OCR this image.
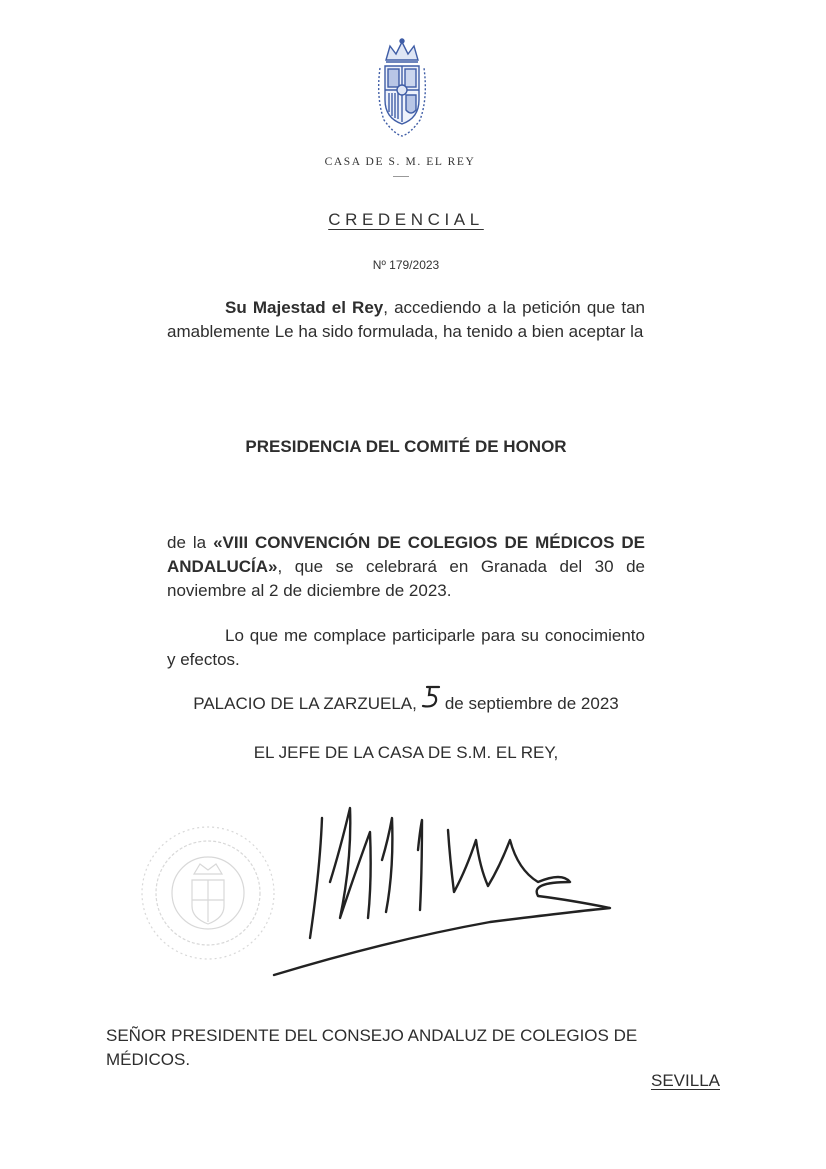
CASA DE S. M. EL REY
CREDENCIAL
Nº 179/2023
Su Majestad el Rey, accediendo a la petición que tan amablemente Le ha sido formulada, ha tenido a bien aceptar la
PRESIDENCIA DEL COMITÉ DE HONOR
de la «VIII CONVENCIÓN DE COLEGIOS DE MÉDICOS DE ANDALUCÍA», que se celebrará en Granada del 30 de noviembre al 2 de diciembre de 2023.
Lo que me complace participarle para su conocimiento y efectos.
PALACIO DE LA ZARZUELA, de septiembre de 2023
EL JEFE DE LA CASA DE S.M. EL REY,
SEÑOR PRESIDENTE DEL CONSEJO ANDALUZ DE COLEGIOS DE
MÉDICOS.
SEVILLA
